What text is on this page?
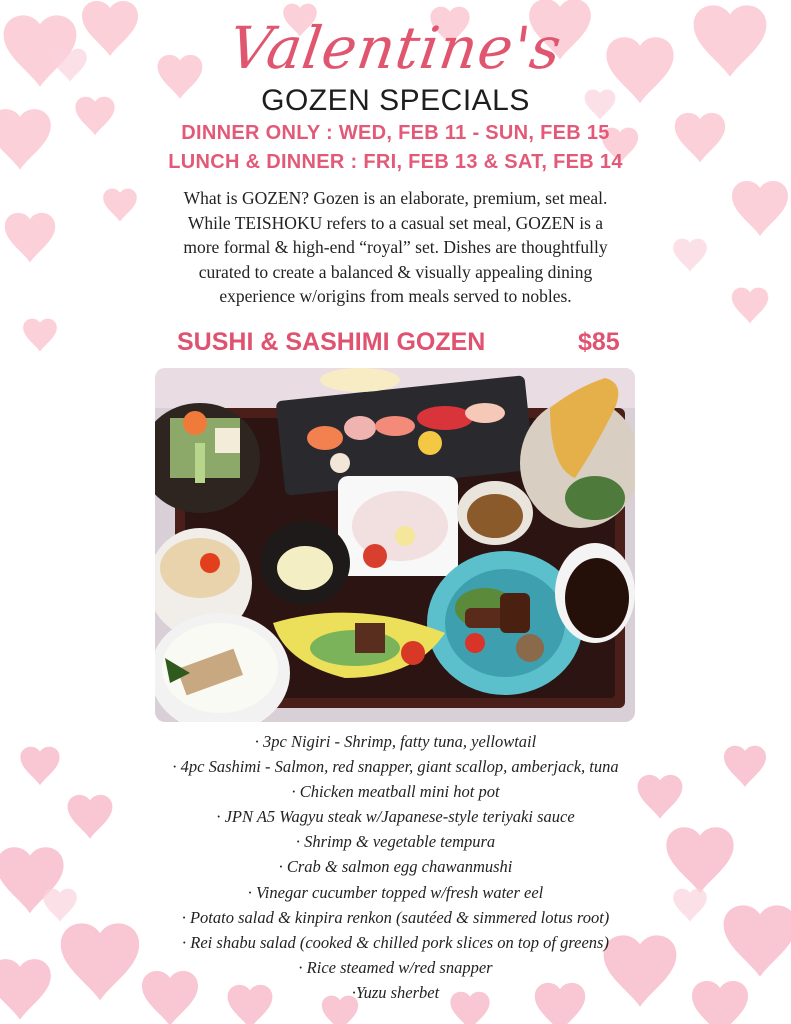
Valentine's
GOZEN SPECIALS
DINNER ONLY : WED, FEB 11 - SUN, FEB 15
LUNCH & DINNER : FRI, FEB 13 & SAT, FEB 14
What is GOZEN? Gozen is an elaborate, premium, set meal.
While TEISHOKU refers to a casual set meal, GOZEN is a
more formal & high-end “royal” set. Dishes are thoughtfully
curated to create a balanced & visually appealing dining
experience w/origins from meals served to nobles.
SUSHI & SASHIMI GOZEN	$85
· 3pc Nigiri - Shrimp, fatty tuna, yellowtail
· 4pc Sashimi - Salmon, red snapper, giant scallop, amberjack, tuna
· Chicken meatball mini hot pot
· JPN A5 Wagyu steak w/Japanese-style teriyaki sauce
· Shrimp & vegetable tempura
· Crab & salmon egg chawanmushi
· Vinegar cucumber topped w/fresh water eel
· Potato salad & kinpira renkon (sautéed & simmered lotus root)
· Rei shabu salad (cooked & chilled pork slices on top of greens)
· Rice steamed w/red snapper
·Yuzu sherbet
